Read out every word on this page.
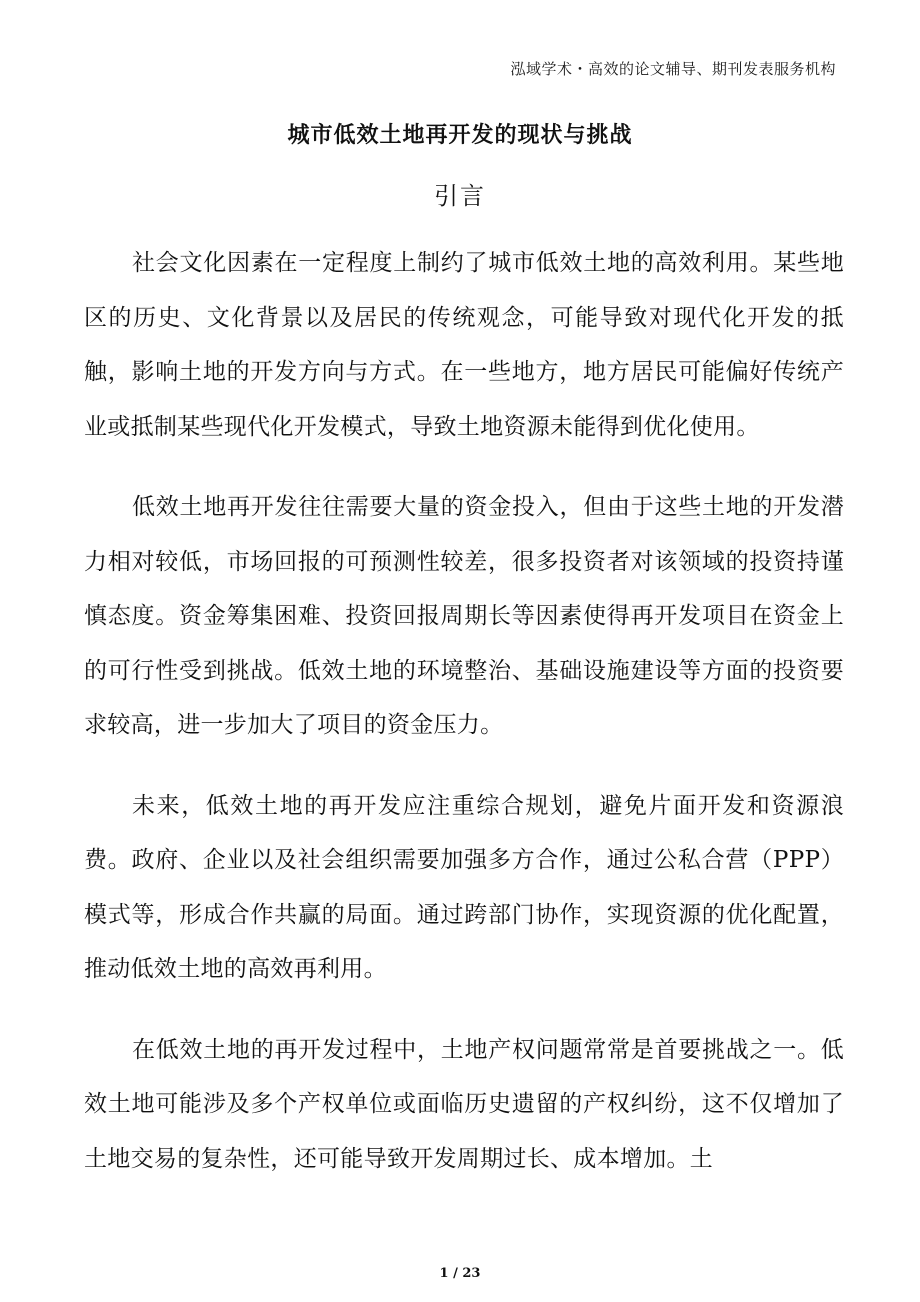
泓域学术・高效的论文辅导、期刊发表服务机构
城市低效土地再开发的现状与挑战
引言

社会文化因素在一定程度上制约了城市低效土地的高效利用。某些地区的历史、文化背景以及居民的传统观念，可能导致对现代化开发的抵触，影响土地的开发方向与方式。在一些地方，地方居民可能偏好传统产业或抵制某些现代化开发模式，导致土地资源未能得到优化使用。

低效土地再开发往往需要大量的资金投入，但由于这些土地的开发潜力相对较低，市场回报的可预测性较差，很多投资者对该领域的投资持谨慎态度。资金筹集困难、投资回报周期长等因素使得再开发项目在资金上的可行性受到挑战。低效土地的环境整治、基础设施建设等方面的投资要求较高，进一步加大了项目的资金压力。

未来，低效土地的再开发应注重综合规划，避免片面开发和资源浪费。政府、企业以及社会组织需要加强多方合作，通过公私合营（PPP）模式等，形成合作共赢的局面。通过跨部门协作，实现资源的优化配置，推动低效土地的高效再利用。

在低效土地的再开发过程中，土地产权问题常常是首要挑战之一。低效土地可能涉及多个产权单位或面临历史遗留的产权纠纷，这不仅增加了土地交易的复杂性，还可能导致开发周期过长、成本增加。土

1 / 23
